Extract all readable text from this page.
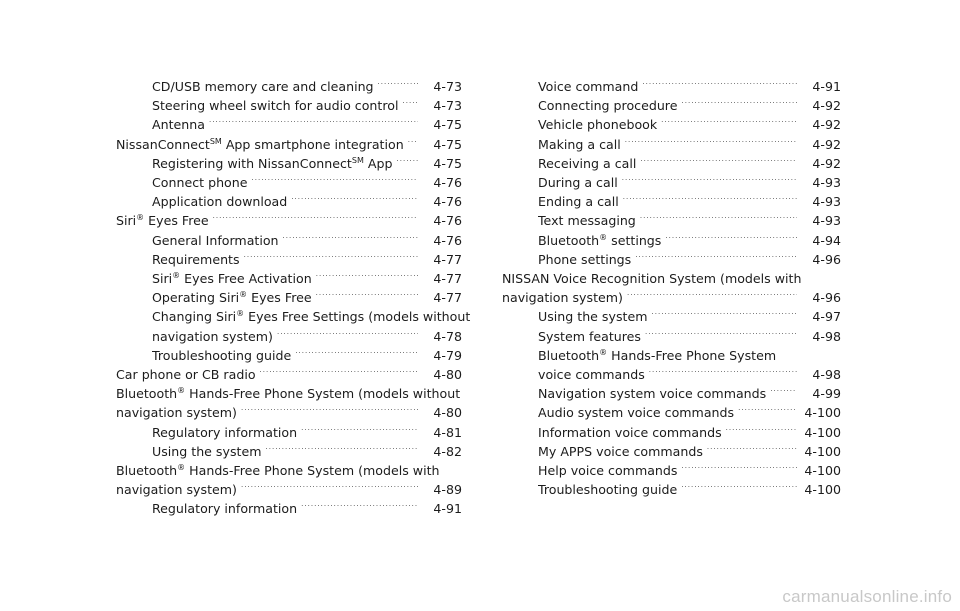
CD/USB memory care and cleaning . . .	4-73
Steering wheel switch for audio control . . .	4-73
Antenna . . .	4-75
NissanConnect℠ App smartphone integration . . .	4-75
Registering with NissanConnect℠ App . . .	4-75
Connect phone . . .	4-76
Application download . . .	4-76
Siri® Eyes Free . . .	4-76
General Information . . .	4-76
Requirements . . .	4-77
Siri® Eyes Free Activation . . .	4-77
Operating Siri® Eyes Free . . .	4-77
Changing Siri® Eyes Free Settings (models without
navigation system) . . .	4-78
Troubleshooting guide . . .	4-79
Car phone or CB radio . . .	4-80
Bluetooth® Hands-Free Phone System (models without
navigation system) . . .	4-80
Regulatory information . . .	4-81
Using the system . . .	4-82
Bluetooth® Hands-Free Phone System (models with
navigation system) . . .	4-89
Regulatory information . . .	4-91
Voice command . . .	4-91
Connecting procedure . . .	4-92
Vehicle phonebook . . .	4-92
Making a call . . .	4-92
Receiving a call . . .	4-92
During a call . . .	4-93
Ending a call . . .	4-93
Text messaging . . .	4-93
Bluetooth® settings . . .	4-94
Phone settings . . .	4-96
NISSAN Voice Recognition System (models with
navigation system) . . .	4-96
Using the system . . .	4-97
System features . . .	4-98
Bluetooth® Hands-Free Phone System
voice commands . . .	4-98
Navigation system voice commands . . .	4-99
Audio system voice commands . . .	4-100
Information voice commands . . .	4-100
My APPS voice commands . . .	4-100
Help voice commands . . .	4-100
Troubleshooting guide . . .	4-100
carmanualsonline.info
